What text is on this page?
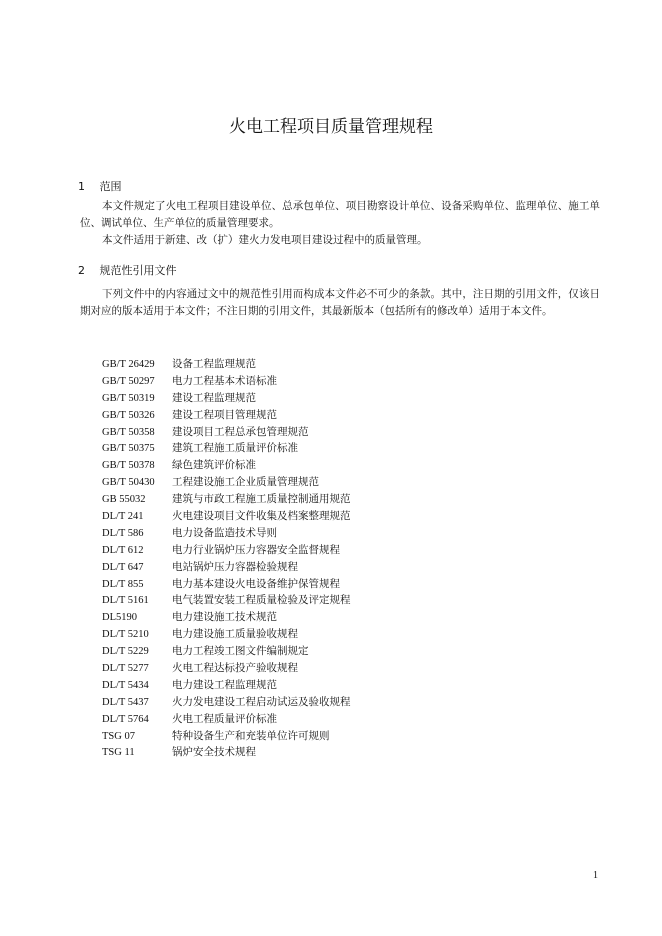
火电工程项目质量管理规程
1 范围

本文件规定了火电工程项目建设单位、总承包单位、项目勘察设计单位、设备采购单位、监理单位、施工单位、调试单位、生产单位的质量管理要求。

本文件适用于新建、改（扩）建火力发电项目建设过程中的质量管理。

2 规范性引用文件

下列文件中的内容通过文中的规范性引用而构成本文件必不可少的条款。其中，注日期的引用文件，仅该日期对应的版本适用于本文件；不注日期的引用文件，其最新版本（包括所有的修改单）适用于本文件。

GB/T 26429 设备工程监理规范
GB/T 50297 电力工程基本术语标准
GB/T 50319 建设工程监理规范
GB/T 50326 建设工程项目管理规范
GB/T 50358 建设项目工程总承包管理规范
GB/T 50375 建筑工程施工质量评价标准
GB/T 50378 绿色建筑评价标准
GB/T 50430 工程建设施工企业质量管理规范
GB 55032	建筑与市政工程施工质量控制通用规范
DL/T 241	火电建设项目文件收集及档案整理规范
DL/T 586	电力设备监造技术导则
DL/T 612	电力行业锅炉压力容器安全监督规程
DL/T 647	电站锅炉压力容器检验规程
DL/T 855	电力基本建设火电设备维护保管规程
DL/T 5161 电气装置安装工程质量检验及评定规程
DL5190	电力建设施工技术规范
DL/T 5210 电力建设施工质量验收规程
DL/T 5229 电力工程竣工图文件编制规定
DL/T 5277 火电工程达标投产验收规程
DL/T 5434 电力建设工程监理规范
DL/T 5437 火力发电建设工程启动试运及验收规程
DL/T 5764 火电工程质量评价标准
TSG 07	特种设备生产和充装单位许可规则
TSG 11	锅炉安全技术规程
1
